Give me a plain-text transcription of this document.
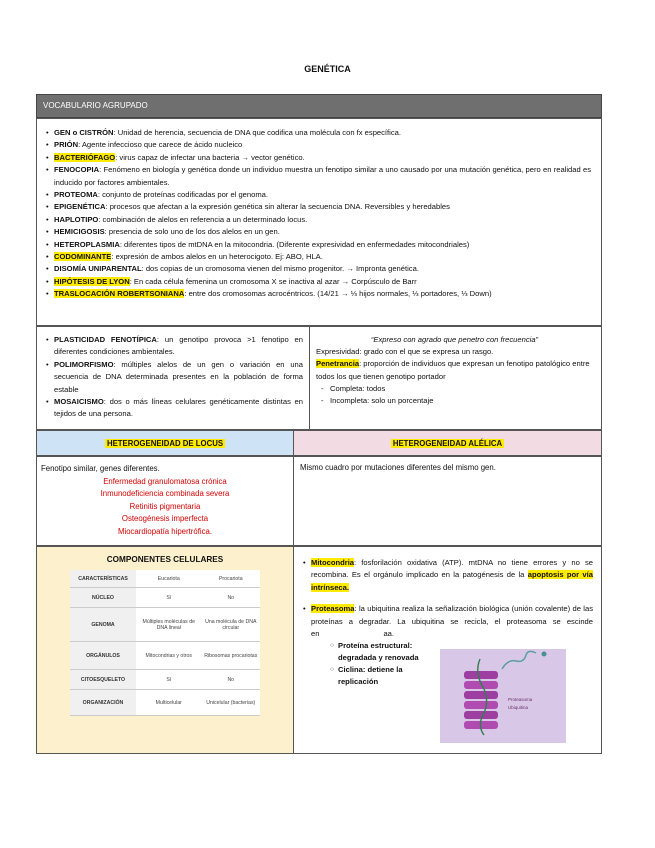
GENÉTICA
VOCABULARIO AGRUPADO
• GEN o CISTRÓN: Unidad de herencia, secuencia de DNA que codifica una molécula con fx específica.
• PRIÓN: Agente infeccioso que carece de ácido nucleico
• BACTERIÓFAGO: virus capaz de infectar una bacteria → vector genético.
• FENOCOPIA: Fenómeno en biología y genética donde un individuo muestra un fenotipo similar a uno causado por una mutación genética, pero en realidad es inducido por factores ambientales.
• PROTEOMA: conjunto de proteínas codificadas por el genoma.
• EPIGENÉTICA: procesos que afectan a la expresión genética sin alterar la secuencia DNA. Reversibles y heredables
• HAPLOTIPO: combinación de alelos en referencia a un determinado locus.
• HEMICIGOSIS: presencia de solo uno de los dos alelos en un gen.
• HETEROPLASMIA: diferentes tipos de mtDNA en la mitocondria. (Diferente expresividad en enfermedades mitocondriales)
• CODOMINANTE: expresión de ambos alelos en un heterocigoto. Ej: ABO, HLA.
• DISOMÍA UNIPARENTAL: dos copias de un cromosoma vienen del mismo progenitor. → Impronta genética.
• HIPÓTESIS DE LYON: En cada célula femenina un cromosoma X se inactiva al azar → Corpúsculo de Barr
• TRASLOCACIÓN ROBERTSONIANA: entre dos cromosomas acrocéntricos. (14/21 → ⅓ hijos normales, ⅓ portadores, ⅓ Down)
• PLASTICIDAD FENOTÍPICA: un genotipo provoca >1 fenotipo en diferentes condiciones ambientales.
• POLIMORFISMO: múltiples alelos de un gen o variación en una secuencia de DNA determinada presentes en la población de forma estable
• MOSAICISMO: dos o más líneas celulares genéticamente distintas en tejidos de una persona.
“Expreso con agrado que penetro con frecuencia”
Expresividad: grado con el que se expresa un rasgo.
Penetrancia: proporción de individuos que expresan un fenotipo patológico entre todos los que tienen genotipo portador
- Completa: todos
- Incompleta: solo un porcentaje
HETEROGENEIDAD DE LOCUS	HETEROGENEIDAD ALÉLICA
Fenotipo similar, genes diferentes.
Enfermedad granulomatosa crónica
Inmunodeficiencia combinada severa
Retinitis pigmentaria
Osteogénesis imperfecta
Miocardiopatía hipertrófica.
Mismo cuadro por mutaciones diferentes del mismo gen.
COMPONENTES CELULARES
CARACTERÍSTICAS	Eucariota	Procariota
NÚCLEO	Sí	No
GENOMA	Múltiples moléculas de DNA lineal	Una molécula de DNA circular
ORGÁNULOS	Mitocondrias y otros	Ribosomas procariotas
CITOESQUELETO	Sí	No
ORGANIZACIÓN	Multicelular	Unicelular (bacterias)
• Mitocondria: fosforilación oxidativa (ATP). mtDNA no tiene errores y no se recombina. Es el orgánulo implicado en la patogénesis de la apoptosis por vía intrínseca.
• Proteasoma: la ubiquitina realiza la señalización biológica (unión covalente) de las proteínas a degradar. La ubiquitina se recicla, el proteasoma se escinde en	aa.
○ Proteína estructural: degradada y renovada
○ Ciclina: detiene la replicación
Proteasoma
Ubiquitina
